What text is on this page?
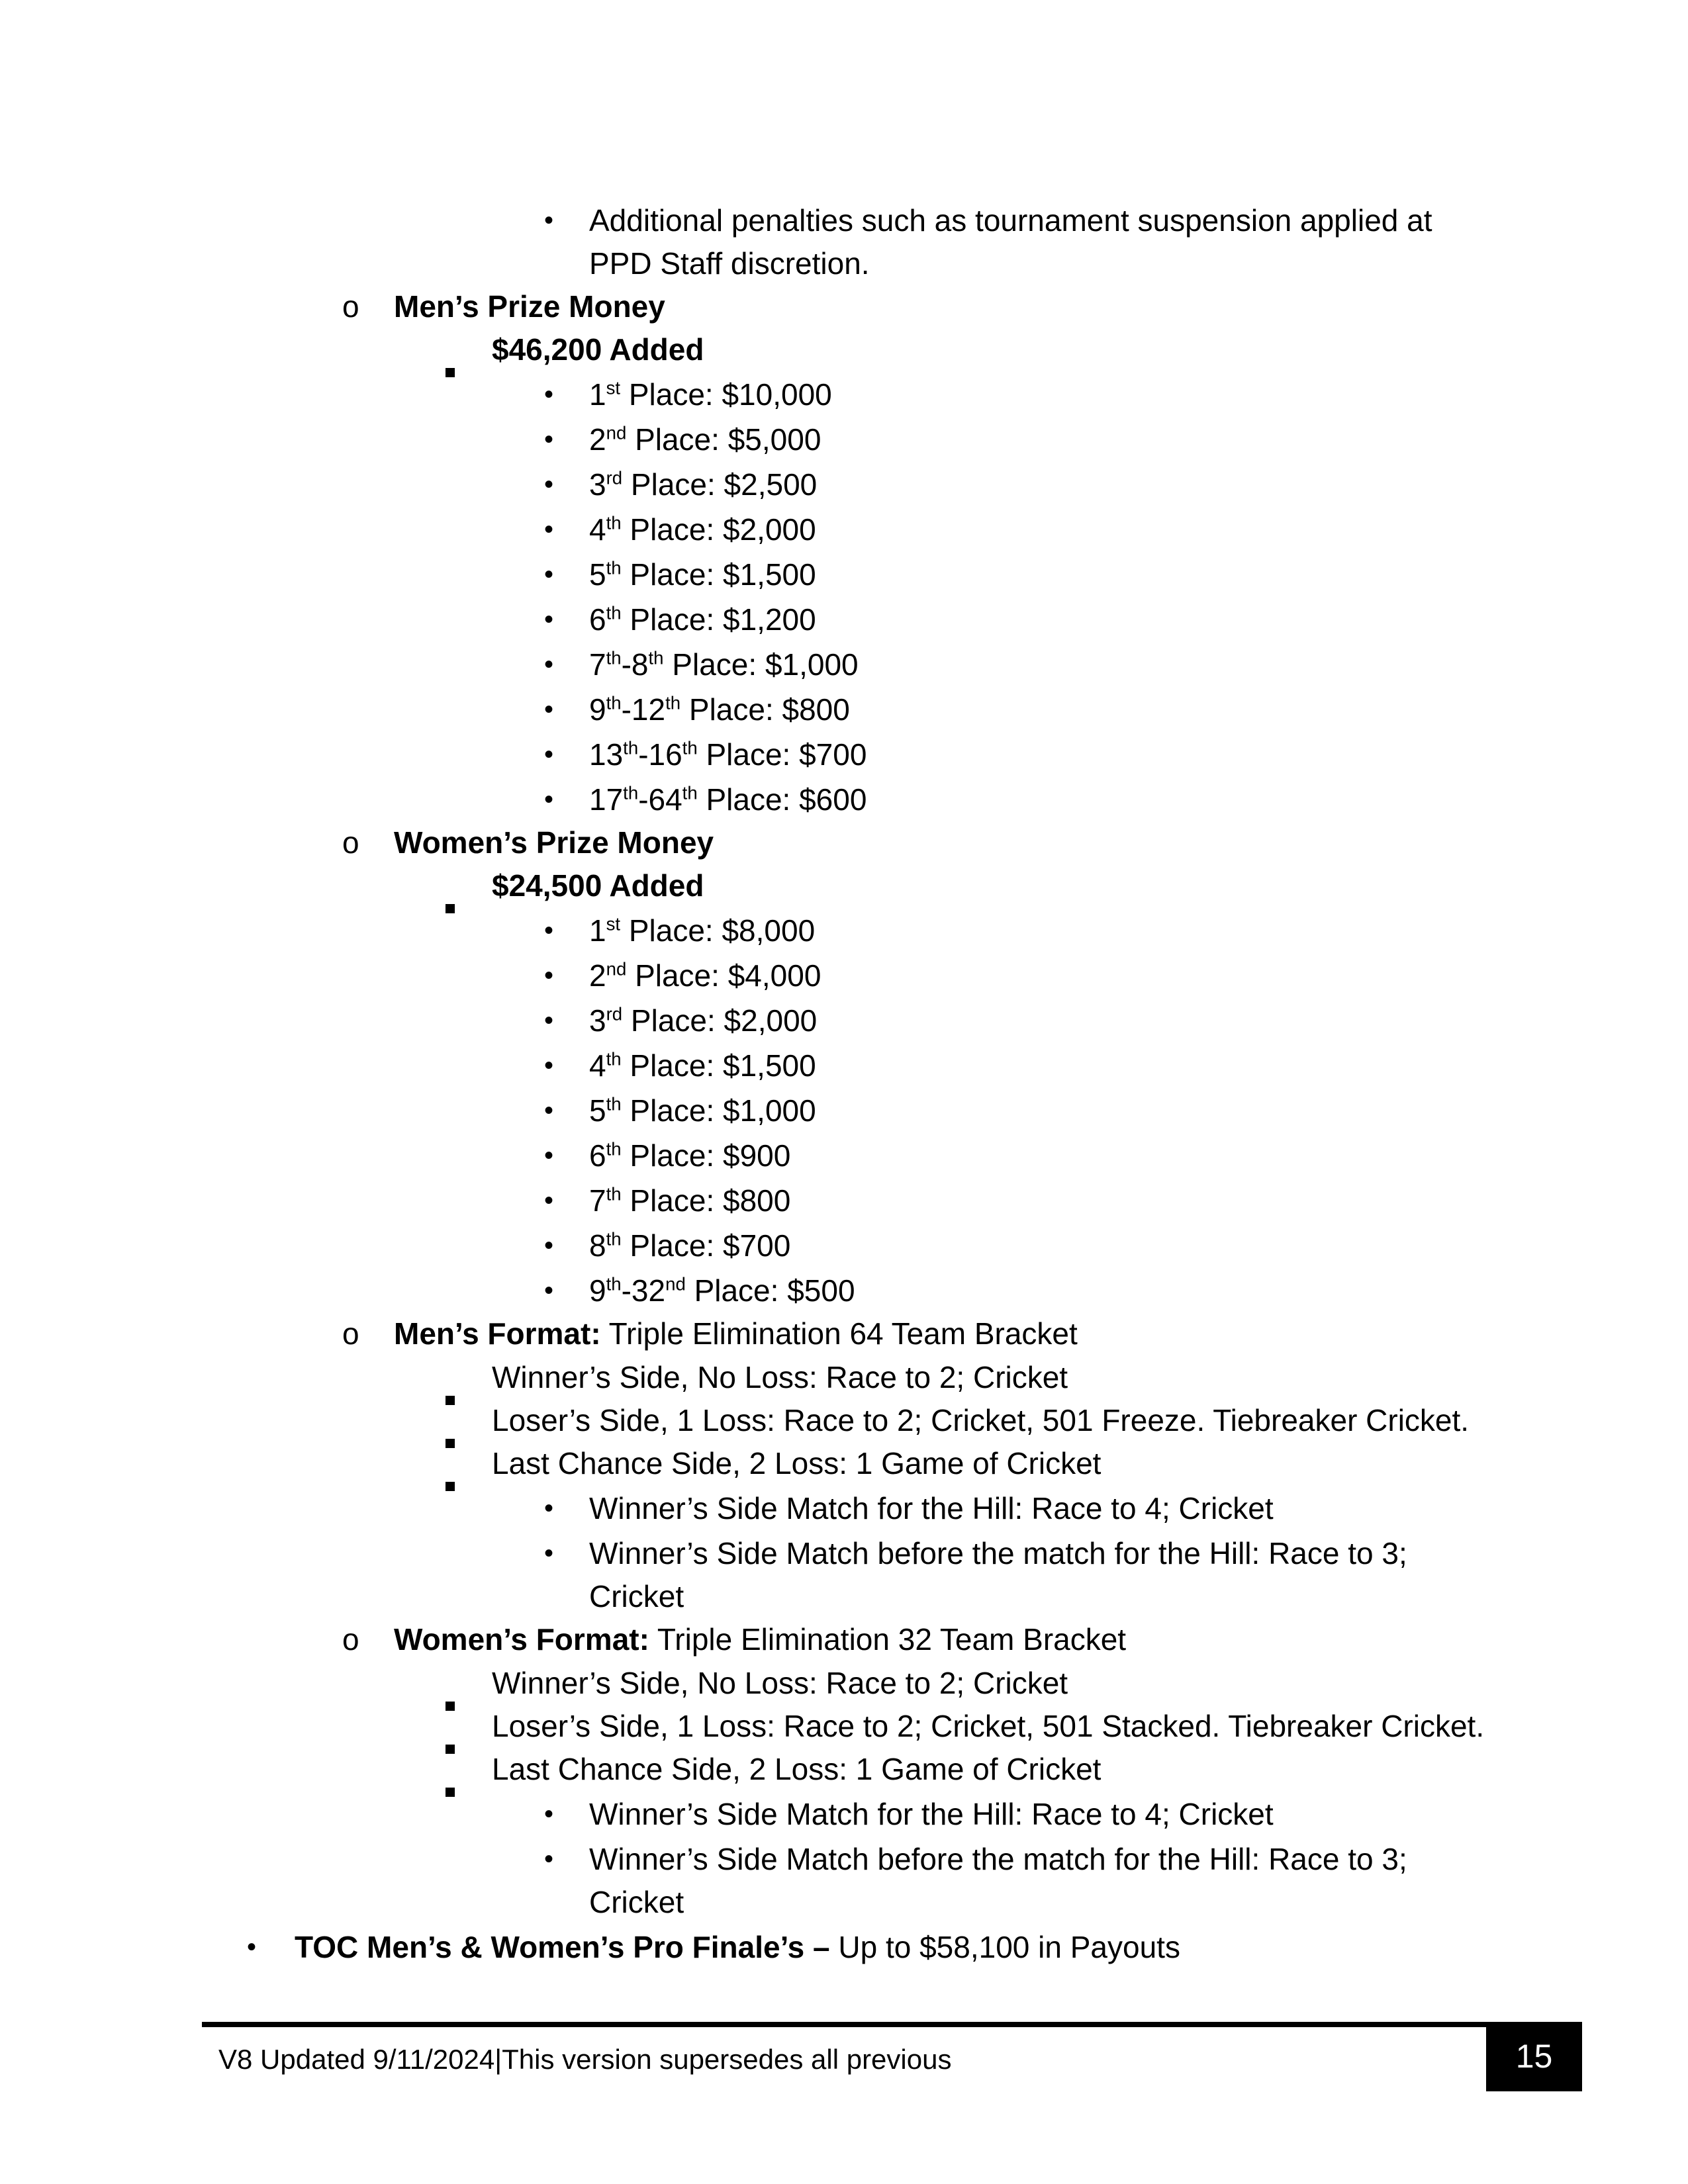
•	Additional penalties such as tournament suspension applied at
PPD Staff discretion.
o	Men’s Prize Money
$46,200 Added
•	1st Place: $10,000
•	2nd Place: $5,000
•	3rd Place: $2,500
•	4th Place: $2,000
•	5th Place: $1,500
•	6th Place: $1,200
•	7th-8th Place: $1,000
•	9th-12th Place: $800
•	13th-16th Place: $700
•	17th-64th Place: $600
o	Women’s Prize Money
$24,500 Added
•	1st Place: $8,000
•	2nd Place: $4,000
•	3rd Place: $2,000
•	4th Place: $1,500
•	5th Place: $1,000
•	6th Place: $900
•	7th Place: $800
•	8th Place: $700
•	9th-32nd Place: $500
o	Men’s Format: Triple Elimination 64 Team Bracket
Winner’s Side, No Loss: Race to 2; Cricket
Loser’s Side, 1 Loss: Race to 2; Cricket, 501 Freeze. Tiebreaker Cricket.
Last Chance Side, 2 Loss: 1 Game of Cricket
•	Winner’s Side Match for the Hill: Race to 4; Cricket
•	Winner’s Side Match before the match for the Hill: Race to 3;
Cricket
o	Women’s Format: Triple Elimination 32 Team Bracket
Winner’s Side, No Loss: Race to 2; Cricket
Loser’s Side, 1 Loss: Race to 2; Cricket, 501 Stacked. Tiebreaker Cricket.
Last Chance Side, 2 Loss: 1 Game of Cricket
•	Winner’s Side Match for the Hill: Race to 4; Cricket
•	Winner’s Side Match before the match for the Hill: Race to 3;
Cricket
•	TOC Men’s & Women’s Pro Finale’s – Up to $58,100 in Payouts
V8 Updated 9/11/2024|This version supersedes all previous	15
